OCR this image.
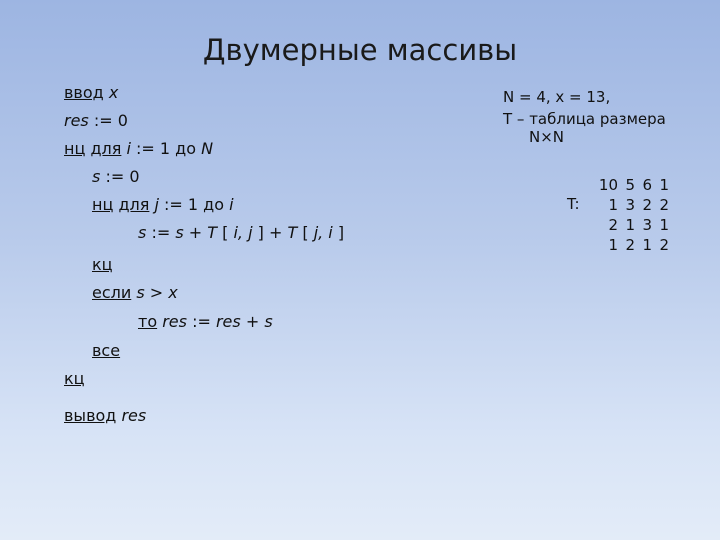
Двумерные массивы
ввод x
res := 0
нц для i := 1 до N
s := 0
нц для j := 1 до i
s := s + T [ i, j ] + T [ j, i ]
кц
если s > x
то res := res + s
все
кц
вывод res
N = 4, x = 13,
T – таблица размера
N×N
T:
10 5 6 1
1 3 2 2
2 1 3 1
1 2 1 2
